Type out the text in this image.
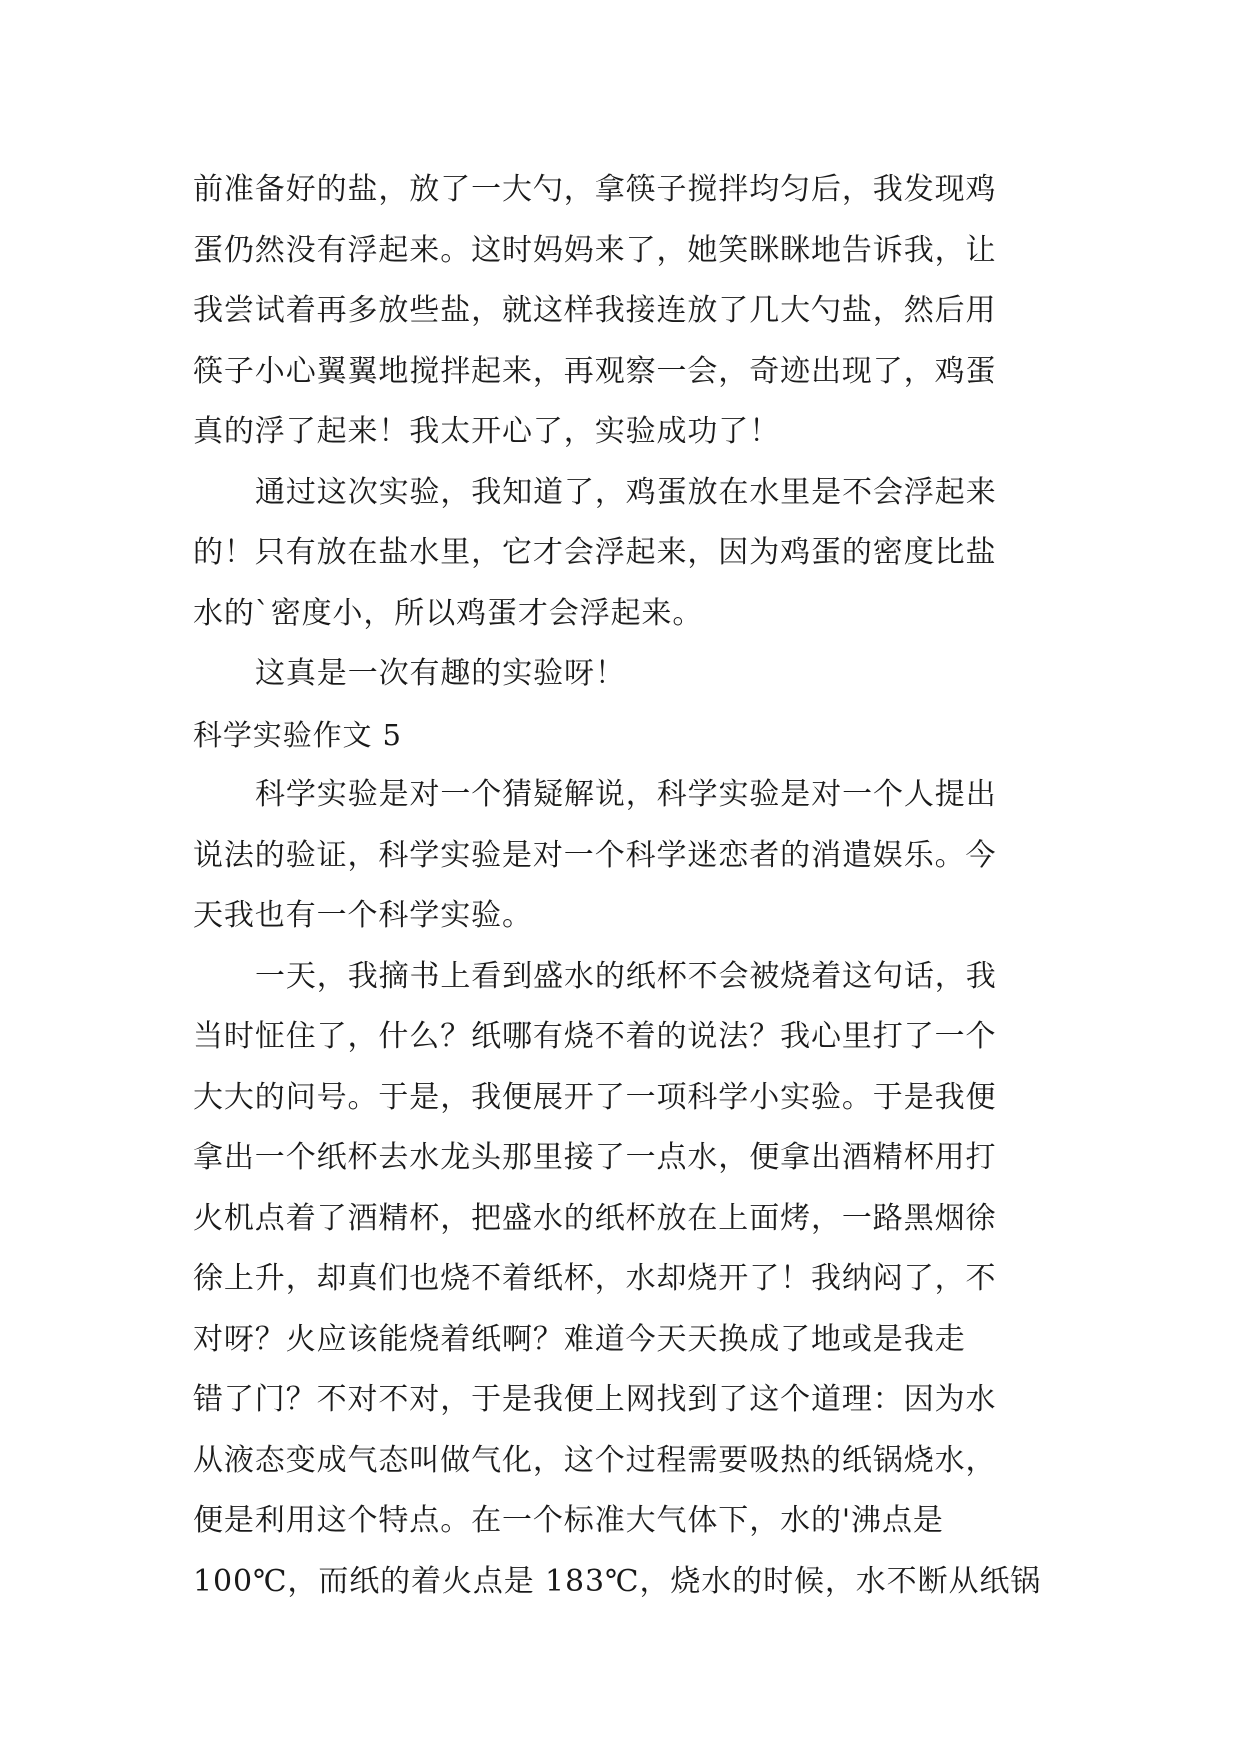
前准备好的盐，放了一大勺，拿筷子搅拌均匀后，我发现鸡
蛋仍然没有浮起来。这时妈妈来了，她笑眯眯地告诉我，让
我尝试着再多放些盐，就这样我接连放了几大勺盐，然后用
筷子小心翼翼地搅拌起来，再观察一会，奇迹出现了，鸡蛋
真的浮了起来！我太开心了，实验成功了！
通过这次实验，我知道了，鸡蛋放在水里是不会浮起来
的！只有放在盐水里，它才会浮起来，因为鸡蛋的密度比盐
水的`密度小，所以鸡蛋才会浮起来。
这真是一次有趣的实验呀！
科学实验作文 5
科学实验是对一个猜疑解说，科学实验是对一个人提出
说法的验证，科学实验是对一个科学迷恋者的消遣娱乐。今
天我也有一个科学实验。
一天，我摘书上看到盛水的纸杯不会被烧着这句话，我
当时怔住了，什么？纸哪有烧不着的说法？我心里打了一个
大大的问号。于是，我便展开了一项科学小实验。于是我便
拿出一个纸杯去水龙头那里接了一点水，便拿出酒精杯用打
火机点着了酒精杯，把盛水的纸杯放在上面烤，一路黑烟徐
徐上升，却真们也烧不着纸杯，水却烧开了！我纳闷了，不
对呀？火应该能烧着纸啊？难道今天天换成了地或是我走
错了门？不对不对，于是我便上网找到了这个道理：因为水
从液态变成气态叫做气化，这个过程需要吸热的纸锅烧水，
便是利用这个特点。在一个标准大气体下，水的'沸点是
100℃，而纸的着火点是 183℃，烧水的时候，水不断从纸锅
